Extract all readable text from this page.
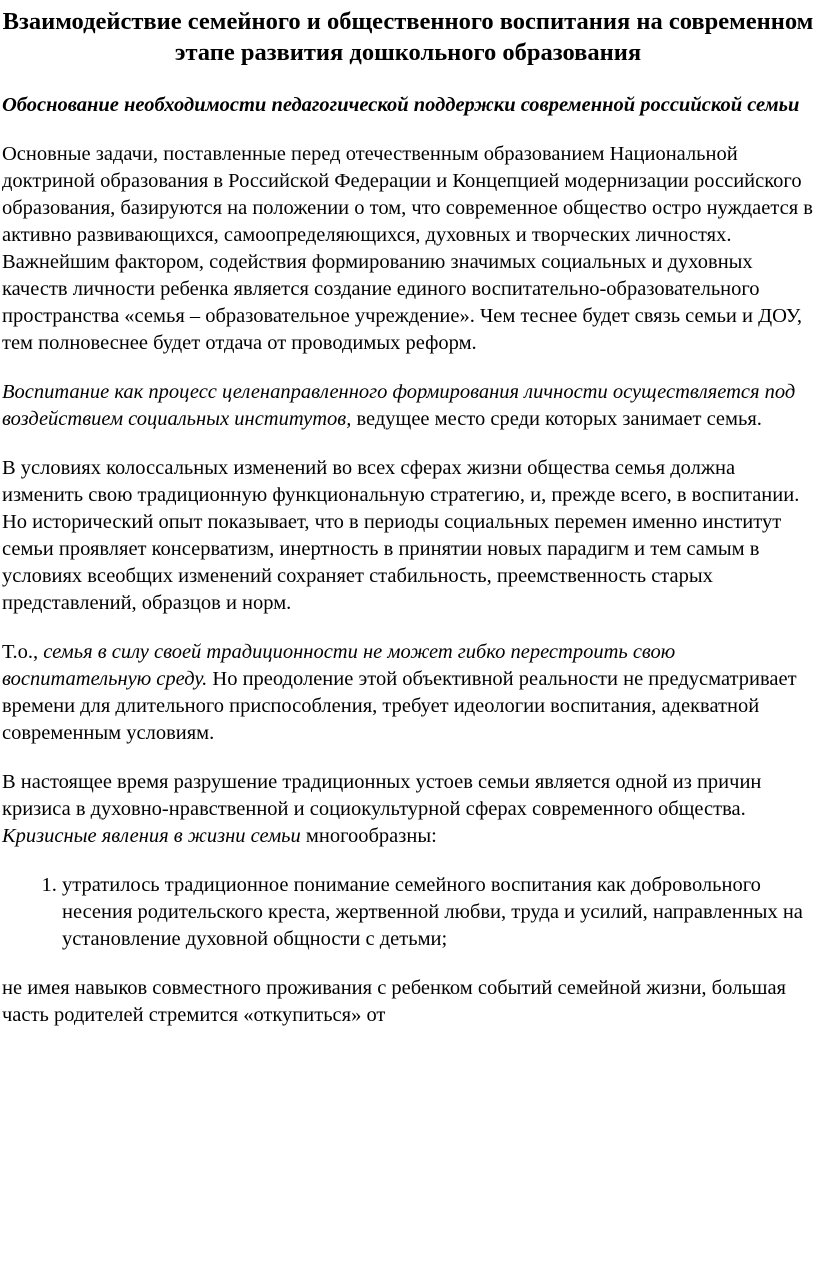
Взаимодействие семейного и общественного воспитания на современном этапе развития дошкольного образования
Обоснование необходимости педагогической поддержки современной российской семьи

Основные задачи, поставленные перед отечественным образованием Национальной доктриной образования в Российской Федерации и Концепцией модернизации российского образования, базируются на положении о том, что современное общество остро нуждается в активно развивающихся, самоопределяющихся, духовных и творческих личностях. Важнейшим фактором, содействия формированию значимых социальных и духовных качеств личности ребенка является создание единого воспитательно-образовательного пространства «семья – образовательное учреждение». Чем теснее будет связь семьи и ДОУ, тем полновеснее будет отдача от проводимых реформ.

Воспитание как процесс целенаправленного формирования личности осуществляется под воздействием социальных институтов, ведущее место среди которых занимает семья.

В условиях колоссальных изменений во всех сферах жизни общества семья должна изменить свою традиционную функциональную стратегию, и, прежде всего, в воспитании. Но исторический опыт показывает, что в периоды социальных перемен именно институт семьи проявляет консерватизм, инертность в принятии новых парадигм и тем самым в условиях всеобщих изменений сохраняет стабильность, преемственность старых представлений, образцов и норм.

Т.о., семья в силу своей традиционности не может гибко перестроить свою воспитательную среду. Но преодоление этой объективной реальности не предусматривает времени для длительного приспособления, требует идеологии воспитания, адекватной современным условиям.

В настоящее время разрушение традиционных устоев семьи является одной из причин кризиса в духовно-нравственной и социокультурной сферах современного общества. Кризисные явления в жизни семьи многообразны:

1. утратилось традиционное понимание семейного воспитания как добровольного несения родительского креста, жертвенной любви, труда и усилий, направленных на установление духовной общности с детьми;

не имея навыков совместного проживания с ребенком событий семейной жизни, большая часть родителей стремится «откупиться» от
